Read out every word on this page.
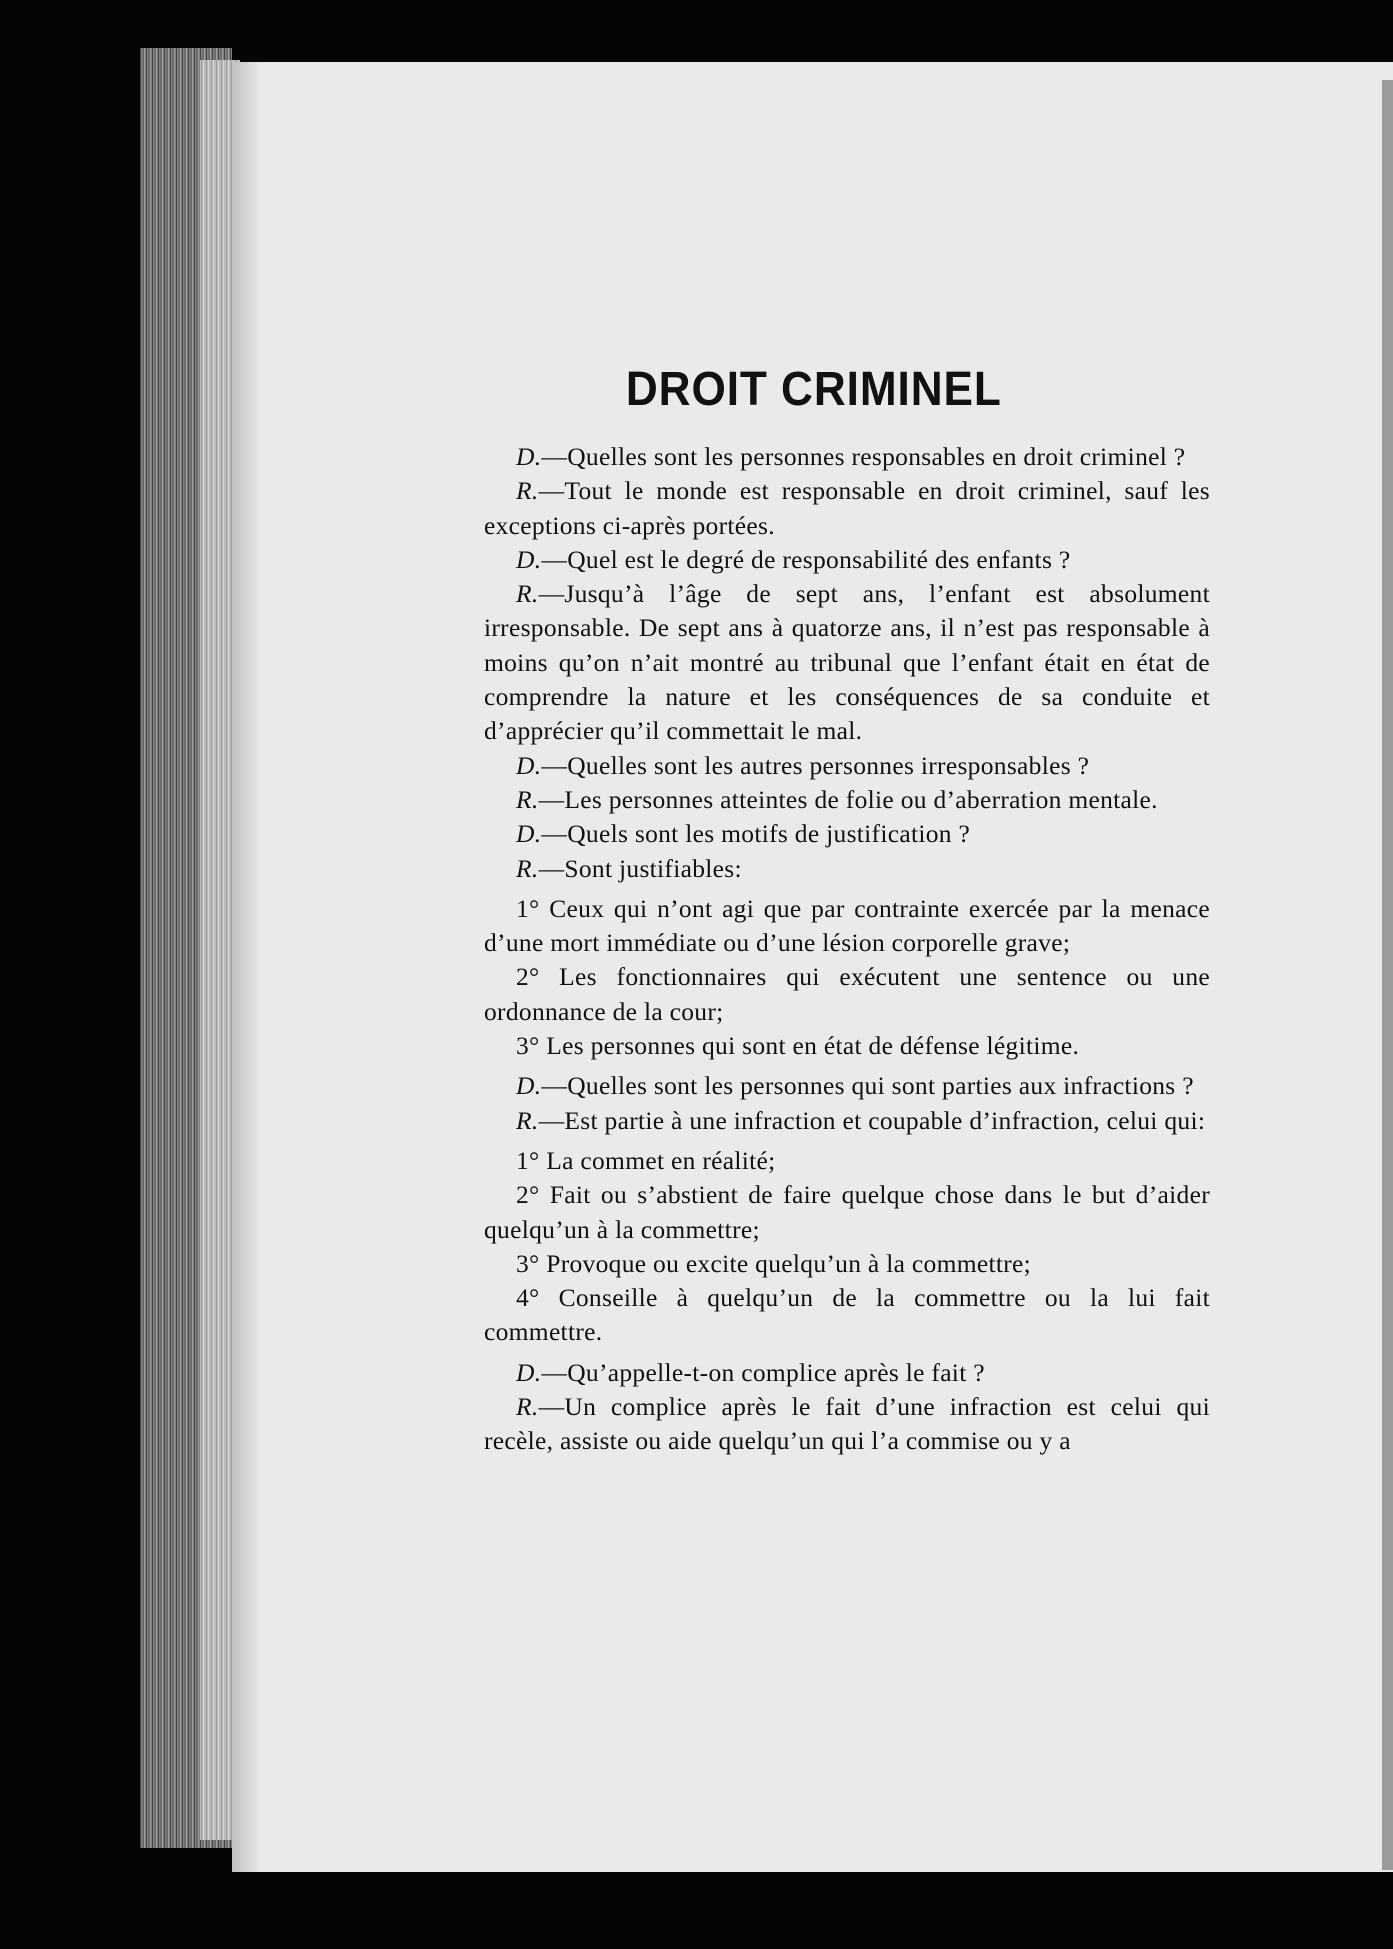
DROIT CRIMINEL

D.—Quelles sont les personnes responsables en droit criminel ?

R.—Tout le monde est responsable en droit criminel, sauf les exceptions ci-après portées.

D.—Quel est le degré de responsabilité des enfants ?

R.—Jusqu’à l’âge de sept ans, l’enfant est absolument irresponsable. De sept ans à quatorze ans, il n’est pas responsable à moins qu’on n’ait montré au tribunal que l’enfant était en état de comprendre la nature et les conséquences de sa conduite et d’apprécier qu’il commettait le mal.

D.—Quelles sont les autres personnes irresponsables ?

R.—Les personnes atteintes de folie ou d’aberration mentale.

D.—Quels sont les motifs de justification ?

R.—Sont justifiables:

1° Ceux qui n’ont agi que par contrainte exercée par la menace d’une mort immédiate ou d’une lésion corporelle grave;

2° Les fonctionnaires qui exécutent une sentence ou une ordonnance de la cour;

3° Les personnes qui sont en état de défense légitime.

D.—Quelles sont les personnes qui sont parties aux infractions ?

R.—Est partie à une infraction et coupable d’infraction, celui qui:

1° La commet en réalité;

2° Fait ou s’abstient de faire quelque chose dans le but d’aider quelqu’un à la commettre;

3° Provoque ou excite quelqu’un à la commettre;

4° Conseille à quelqu’un de la commettre ou la lui fait commettre.

D.—Qu’appelle-t-on complice après le fait ?

R.—Un complice après le fait d’une infraction est celui qui recèle, assiste ou aide quelqu’un qui l’a commise ou y a
